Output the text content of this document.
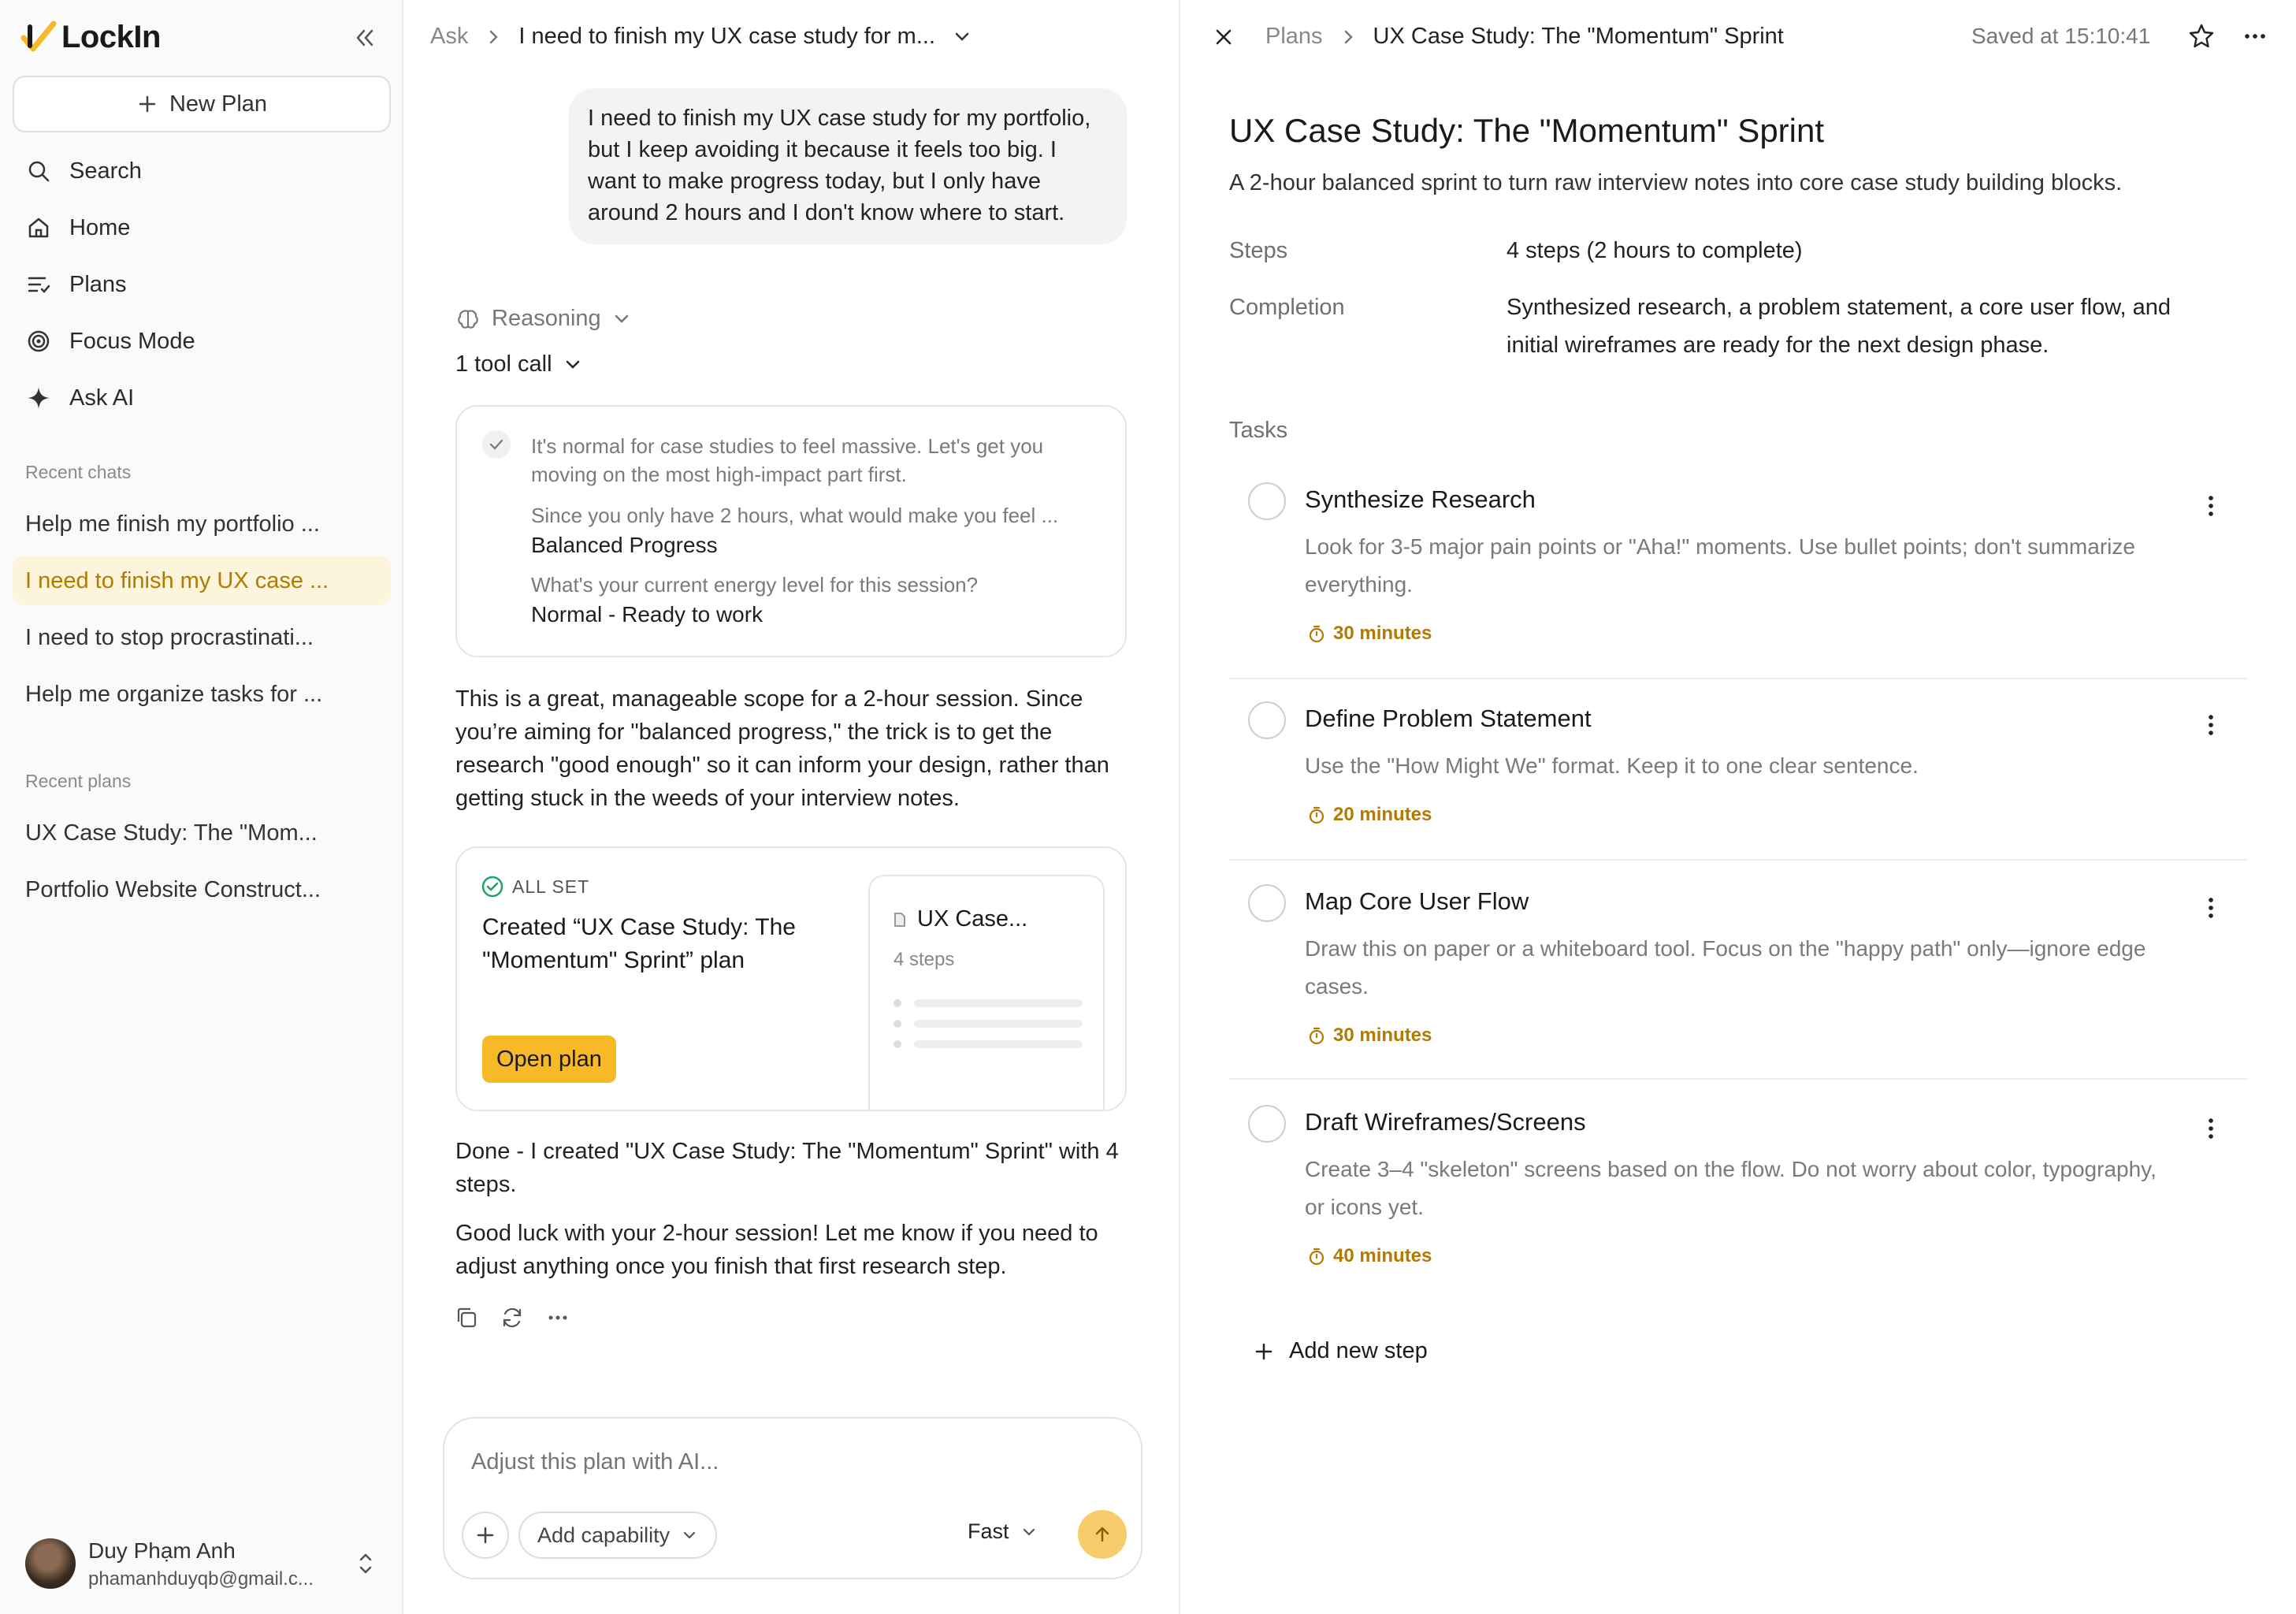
LockIn
New Plan
Search
Home
Plans
Focus Mode
Ask AI
Recent chats
Help me finish my portfolio ...
I need to finish my UX case ...
I need to stop procrastinati...
Help me organize tasks for ...
Recent plans
UX Case Study: The "Mom...
Portfolio Website Construct...
Duy Phạm Anh
phamanhduyqb@gmail.c...
Ask I need to finish my UX case study for m...
I need to finish my UX case study for my portfolio, but I keep avoiding it because it feels too big. I want to make progress today, but I only have around 2 hours and I don't know where to start.
Reasoning
1 tool call
It's normal for case studies to feel massive. Let's get you moving on the most high-impact part first.
Since you only have 2 hours, what would make you feel ...
Balanced Progress
What's your current energy level for this session?
Normal - Ready to work
This is a great, manageable scope for a 2-hour session. Since you’re aiming for "balanced progress," the trick is to get the research "good enough" so it can inform your design, rather than getting stuck in the weeds of your interview notes.
ALL SET
Created “UX Case Study: The "Momentum" Sprint” plan
Open plan
UX Case...
4 steps
Done - I created "UX Case Study: The "Momentum" Sprint" with 4 steps.
Good luck with your 2-hour session! Let me know if you need to adjust anything once you finish that first research step.
Adjust this plan with AI...
Add capability	Fast
Plans UX Case Study: The "Momentum" Sprint	Saved at 15:10:41
UX Case Study: The "Momentum" Sprint
A 2-hour balanced sprint to turn raw interview notes into core case study building blocks.
Steps	4 steps (2 hours to complete)
Completion	Synthesized research, a problem statement, a core user flow, and initial wireframes are ready for the next design phase.
Tasks
Synthesize Research
Look for 3-5 major pain points or "Aha!" moments. Use bullet points; don't summarize everything.
30 minutes
Define Problem Statement
Use the "How Might We" format. Keep it to one clear sentence.
20 minutes
Map Core User Flow
Draw this on paper or a whiteboard tool. Focus on the "happy path" only—ignore edge cases.
30 minutes
Draft Wireframes/Screens
Create 3–4 "skeleton" screens based on the flow. Do not worry about color, typography, or icons yet.
40 minutes
Add new step
